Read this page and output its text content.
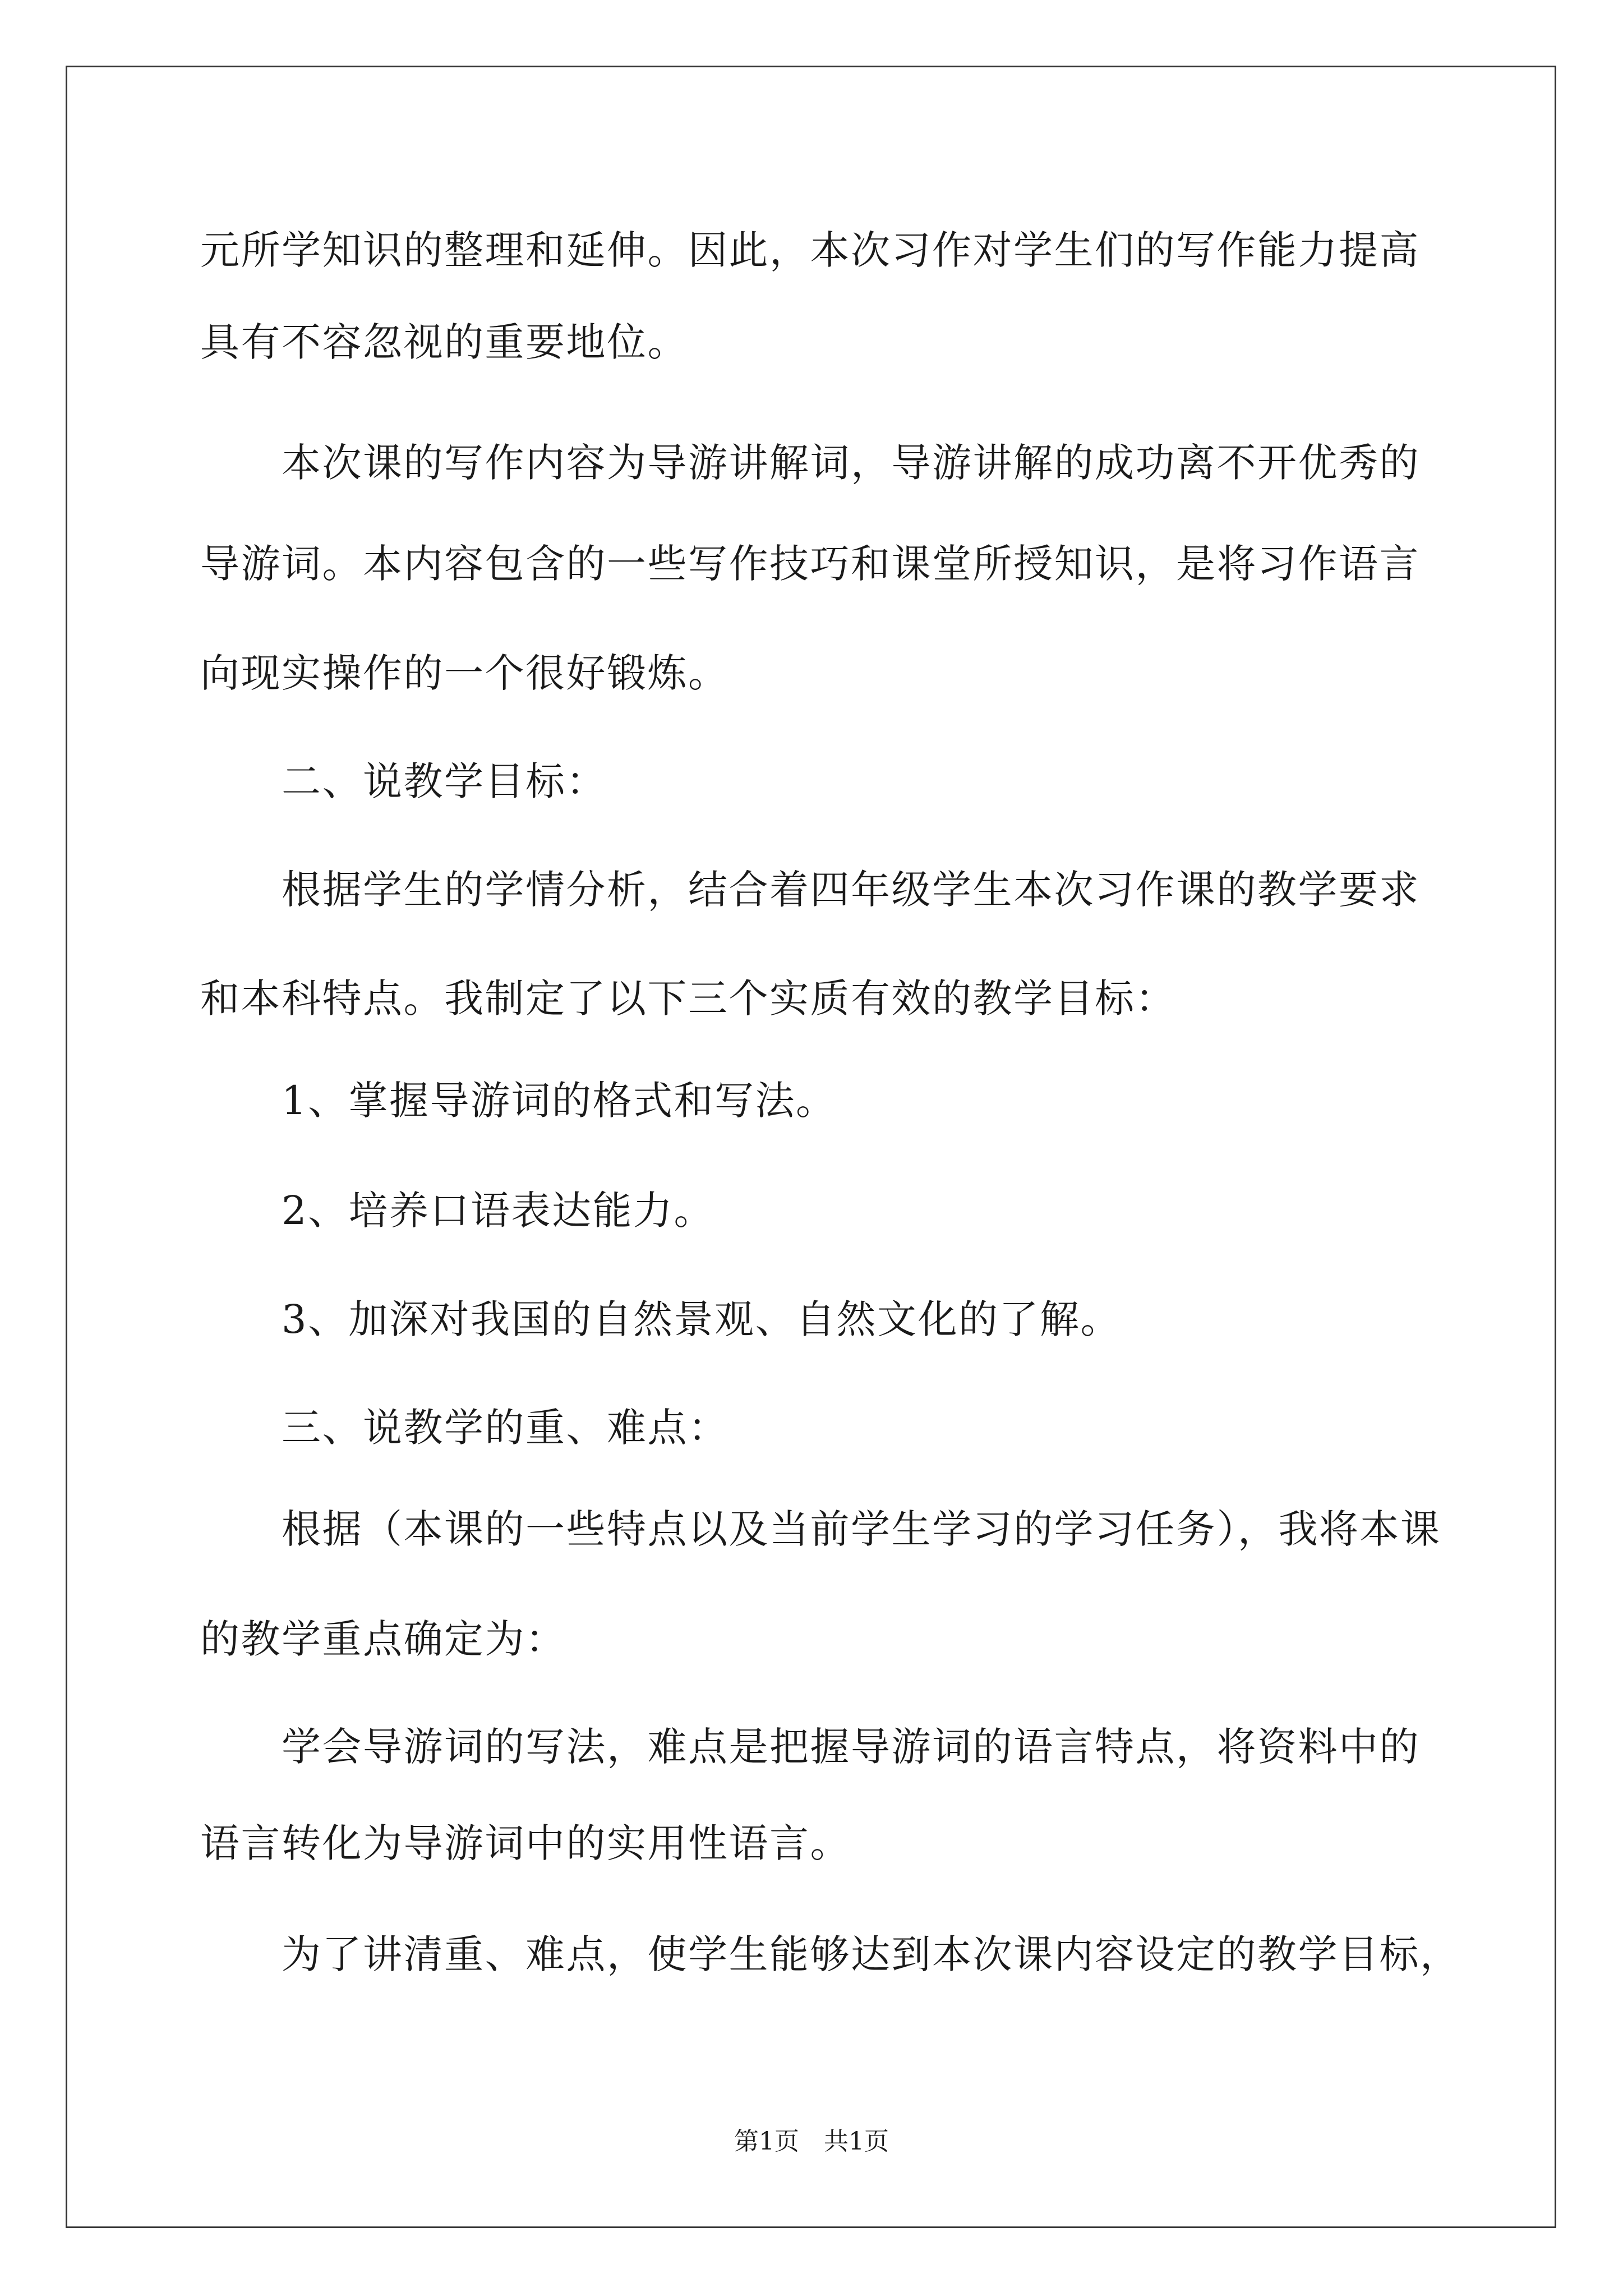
元所学知识的整理和延伸。因此，本次习作对学生们的写作能力提高
具有不容忽视的重要地位。
本次课的写作内容为导游讲解词，导游讲解的成功离不开优秀的
导游词。本内容包含的一些写作技巧和课堂所授知识，是将习作语言
向现实操作的一个很好锻炼。
二、说教学目标：
根据学生的学情分析，结合着四年级学生本次习作课的教学要求
和本科特点。我制定了以下三个实质有效的教学目标：
1、掌握导游词的格式和写法。
2、培养口语表达能力。
3、加深对我国的自然景观、自然文化的了解。
三、说教学的重、难点：
根据（本课的一些特点以及当前学生学习的学习任务），我将本课
的教学重点确定为：
学会导游词的写法，难点是把握导游词的语言特点，将资料中的
语言转化为导游词中的实用性语言。
为了讲清重、难点，使学生能够达到本次课内容设定的教学目标，
第1页　共1页
